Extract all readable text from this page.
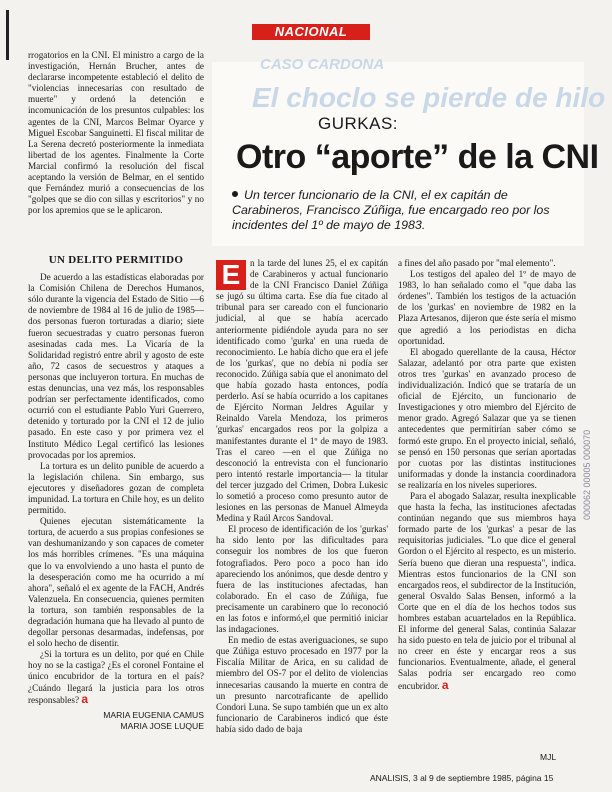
NACIONAL

rrogatorios en la CNI. El ministro a cargo de la investigación, Hernán Brucher, antes de declararse incompetente estableció el delito de "violencias innecesarias con resultado de muerte" y ordenó la detención e incomunicación de los presuntos culpables: los agentes de la CNI, Marcos Belmar Oyarce y Miguel Escobar Sanguinetti. El fiscal militar de La Serena decretó posteriormente la inmediata libertad de los agentes. Finalmente la Corte Marcial confirmó la resolución del fiscal aceptando la versión de Belmar, en el sentido que Fernández murió a consecuencias de los "golpes que se dio con sillas y escritorios" y no por los apremios que se le aplicaron.

UN DELITO PERMITIDO

De acuerdo a las estadísticas elaboradas por la Comisión Chilena de Derechos Humanos, sólo durante la vigencia del Estado de Sitio —6 de noviembre de 1984 al 16 de julio de 1985— dos personas fueron torturadas a diario; siete fueron secuestradas y cuatro personas fueron asesinadas cada mes. La Vicaría de la Solidaridad registró entre abril y agosto de este año, 72 casos de secuestros y ataques a personas que incluyeron tortura. En muchas de estas denuncias, una vez más, los responsables podrían ser perfectamente identificados, como ocurrió con el estudiante Pablo Yuri Guerrero, detenido y torturado por la CNI el 12 de julio pasado. En este caso y por primera vez el Instituto Médico Legal certificó las lesiones provocadas por los apremios.

La tortura es un delito punible de acuerdo a la legislación chilena. Sin embargo, sus ejecutores y diseñadores gozan de completa impunidad. La tortura en Chile hoy, es un delito permitido.

Quienes ejecutan sistemáticamente la tortura, de acuerdo a sus propias confesiones se van deshumanizando y son capaces de cometer los más horribles crímenes. "Es una máquina que lo va envolviendo a uno hasta el punto de la desesperación como me ha ocurrido a mí ahora", señaló el ex agente de la FACH, Andrés Valenzuela. En consecuencia, quienes permiten la tortura, son también responsables de la degradación humana que ha llevado al punto de degollar personas desarmadas, indefensas, por el solo hecho de disentir.

¿Si la tortura es un delito, por qué en Chile hoy no se la castiga? ¿Es el coronel Fontaine el único encubridor de la tortura en el país? ¿Cuándo llegará la justicia para los otros responsables? a

MARIA EUGENIA CAMUS
MARIA JOSE LUQUE
CASO CARDONA
El choclo se pierde de hilo
GURKAS:
Otro “aporte” de la CNI
Un tercer funcionario de la CNI, el ex capitán de Carabineros, Francisco Zúñiga, fue encargado reo por los incidentes del 1º de mayo de 1983.

E	n la tarde del lunes 25, el ex capitán de Carabineros y actual funcionario de la CNI Francisco Daniel Zúñiga se jugó su última carta. Ese día fue citado al tribunal para ser careado con el funcionario judicial, al que se había acercado anteriormente pidiéndole ayuda para no ser identificado como 'gurka' en una rueda de reconocimiento. Le había dicho que era el jefe de los 'gurkas', que no debía ni podía ser reconocido. Zúñiga sabía que el anonimato del que había gozado hasta entonces, podía perderlo. Así se había ocurrido a los capitanes de Ejército Norman Jeldres Aguilar y Reinaldo Varela Mendoza, los primeros 'gurkas' encargados reos por la golpiza a manifestantes durante el 1º de mayo de 1983. Tras el careo —en el que Zúñiga no desconoció la entrevista con el funcionario pero intentó restarle importancia— la titular del tercer juzgado del Crimen, Dobra Lukesic lo sometió a proceso como presunto autor de lesiones en las personas de Manuel Almeyda Medina y Raúl Arcos Sandoval.

El proceso de identificación de los 'gurkas' ha sido lento por las dificultades para conseguir los nombres de los que fueron fotografiados. Pero poco a poco han ido apareciendo los anónimos, que desde dentro y fuera de las instituciones afectadas, han colaborado. En el caso de Zúñiga, fue precisamente un carabinero que lo reconoció en las fotos e informó,el que permitió iniciar las indagaciones.

En medio de estas averiguaciones, se supo que Zúñiga estuvo procesado en 1977 por la Fiscalía Militar de Arica, en su calidad de miembro del OS-7 por el delito de violencias innecesarias causando la muerte en contra de un presunto narcotraficante de apellido Condori Luna. Se supo también que un ex alto funcionario de Carabineros indicó que éste había sido dado de baja

a fines del año pasado por "mal elemento".

Los testigos del apaleo del 1º de mayo de 1983, lo han señalado como el "que daba las órdenes". También los testigos de la actuación de los 'gurkas' en noviembre de 1982 en la Plaza Artesanos, dijeron que éste sería el mismo que agredió a los periodistas en dicha oportunidad.

El abogado querellante de la causa, Héctor Salazar, adelantó por otra parte que existen otros tres 'gurkas' en avanzado proceso de individualización. Indicó que se trataría de un oficial de Ejército, un funcionario de Investigaciones y otro miembro del Ejército de menor grado. Agregó Salazar que ya se tienen antecedentes que permitirían saber cómo se formó este grupo. En el proyecto inicial, señaló, se pensó en 150 personas que serían aportadas por cuotas por las distintas instituciones uniformadas y donde la instancia coordinadora se realizaría en los niveles superiores.

Para el abogado Salazar, resulta inexplicable que hasta la fecha, las instituciones afectadas continúan negando que sus miembros haya formado parte de los 'gurkas' a pesar de las requisitorias judiciales. "Lo que dice el general Gordon o el Ejército al respecto, es un misterio. Sería bueno que dieran una respuesta", indica. Mientras estos funcionarios de la CNI son encargados reos, el subdirector de la Institución, general Osvaldo Salas Bensen, informó a la Corte que en el día de los hechos todos sus hombres estaban acuartelados en la República. El informe del general Salas, continúa Salazar ha sido puesto en tela de juicio por el tribunal al no creer en éste y encargar reos a sus funcionarios. Eventualmente, añade, el general Salas podría ser encargado reo como encubridor. a

MJL
ANALISIS, 3 al 9 de septiembre 1985, página 15
000062 00005 000070
